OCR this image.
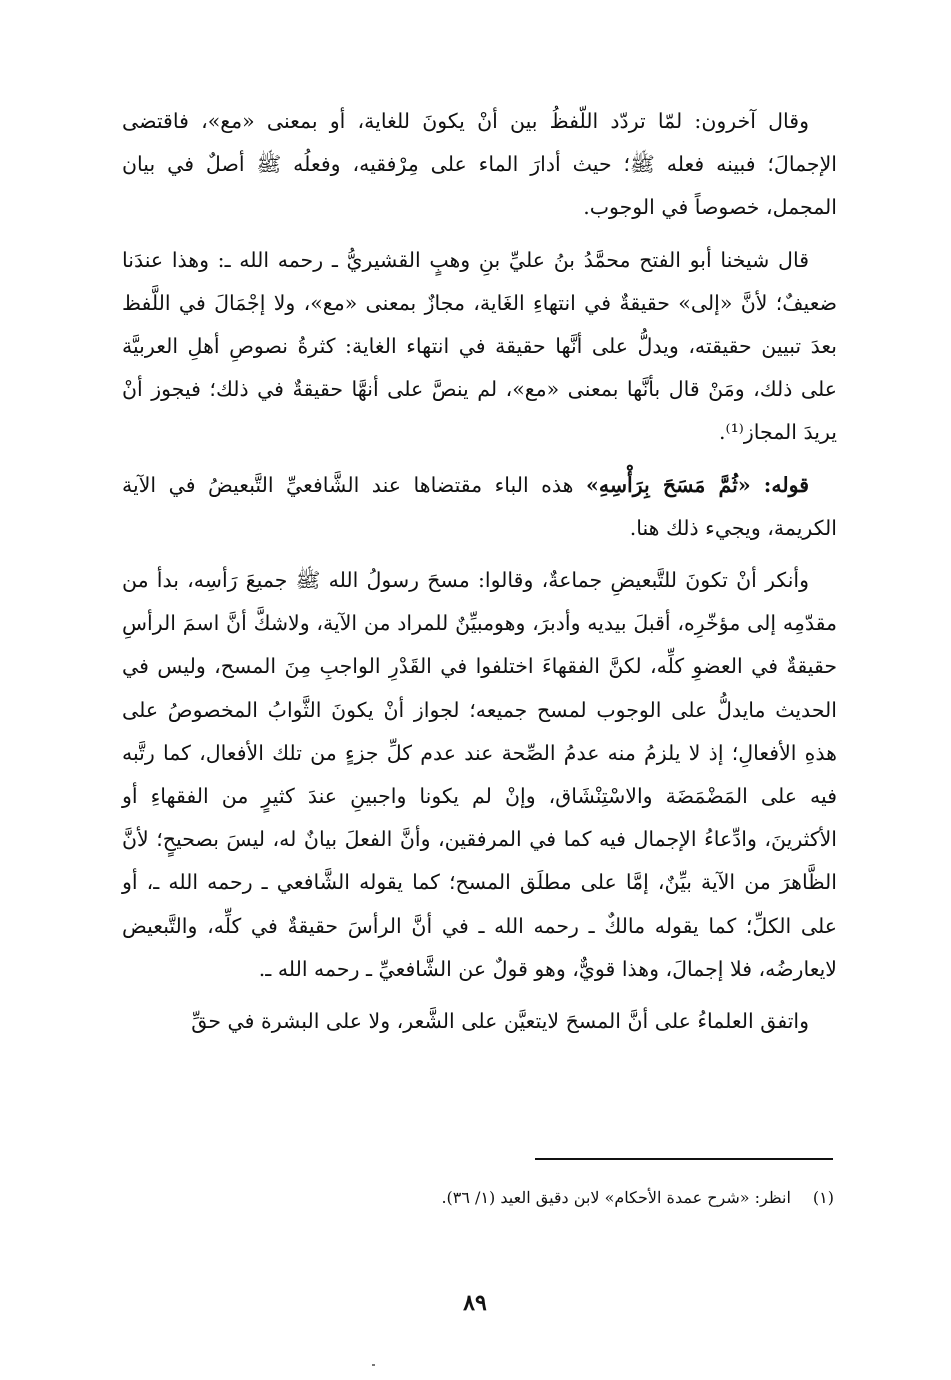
وقال آخرون: لمّا تردّد اللّفظُ بين أنْ يكونَ للغاية، أو بمعنى «مع»، فاقتضى الإجمالَ؛ فبينه فعله ﷺ؛ حيث أدارَ الماء على مِرْفقيه، وفعلُه ﷺ أصلٌ في بيان المجمل، خصوصاً في الوجوب.

قال شيخنا أبو الفتح محمَّدُ بنُ عليِّ بنِ وهبٍ القشيريُّ ـ رحمه الله ـ: وهذا عندَنا ضعيفٌ؛ لأنَّ «إلى» حقيقةٌ في انتهاءِ الغَاية، مجازٌ بمعنى «مع»، ولا إجْمَالَ في اللَّفظ بعدَ تبيين حقيقته، ويدلُّ على أنَّها حقيقة في انتهاء الغاية: كثرةُ نصوصِ أهلِ العربيَّة على ذلك، ومَنْ قال بأنَّها بمعنى «مع»، لم ينصَّ على أنهَّا حقيقةٌ في ذلك؛ فيجوز أنْ يريدَ المجاز⁽¹⁾.

قوله: «ثُمَّ مَسَحَ بِرَأْسِهِ» هذه الباء مقتضاها عند الشَّافعيِّ التَّبعيضُ في الآية الكريمة، ويجيء ذلك هنا.

وأنكر أنْ تكونَ للتَّبعيضِ جماعةٌ، وقالوا: مسحَ رسولُ الله ﷺ جميعَ رَأسِه، بدأ من مقدّمِه إلى مؤخّرِه، أقبلَ بيديه وأدبرَ، وهومبيِّنٌ للمراد من الآية، ولاشكَّ أنَّ اسمَ الرأسِ حقيقةٌ في العضوِ كلِّه، لكنَّ الفقهاءَ اختلفوا في القَدْرِ الواجبِ مِنَ المسح، وليس في الحديث مايدلُّ على الوجوب لمسح جميعه؛ لجواز أنْ يكونَ الثَّوابُ المخصوصُ على هذهِ الأفعالِ؛ إذ لا يلزمُ منه عدمُ الصِّحة عند عدم كلِّ جزءٍ من تلك الأفعال، كما رتَّبه فيه على المَضْمَضَة والاسْتِنْشَاق، وإنْ لم يكونا واجبينِ عندَ كثيرٍ من الفقهاءِ أو الأكثرينَ، وادِّعاءُ الإجمال فيه كما في المرفقين، وأنَّ الفعلَ بيانٌ له، ليسَ بصحيحٍ؛ لأنَّ الظَّاهرَ من الآية بيِّنٌ، إمَّا على مطلَق المسح؛ كما يقوله الشَّافعي ـ رحمه الله ـ، أو على الكلِّ؛ كما يقوله مالكٌ ـ رحمه الله ـ في أنَّ الرأسَ حقيقةٌ في كلِّه، والتَّبعيض لايعارضُه، فلا إجمالَ، وهذا قويٌّ، وهو قولٌ عن الشَّافعيِّ ـ رحمه الله ـ.

واتفق العلماءُ على أنَّ المسحَ لايتعيَّن على الشَّعر، ولا على البشرة في حقِّ

(١)انظر: «شرح عمدة الأحكام» لابن دقيق العيد (١/ ٣٦).
٨٩
